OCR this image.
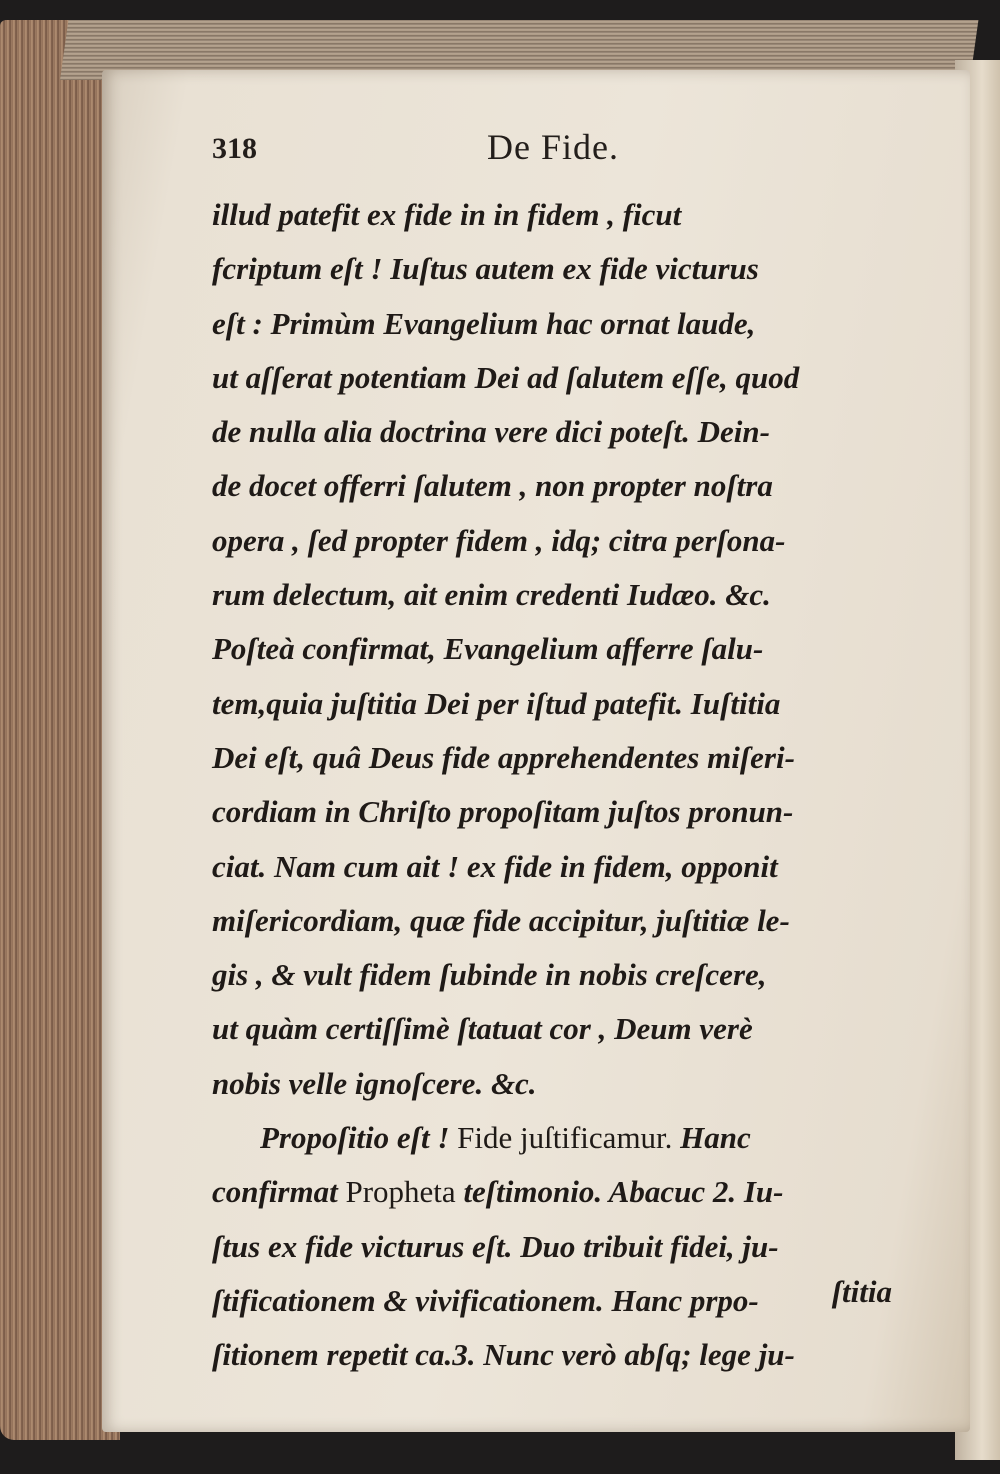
318	De Fide.
illud patefit ex fide in in fidem , ficut
fcriptum eſt ! Iuſtus autem ex fide victurus
eſt : Primùm Evangelium hac ornat laude,
ut aſſerat potentiam Dei ad ſalutem eſſe, quod
de nulla alia doctrina vere dici poteſt. Dein-
de docet offerri ſalutem , non propter noſtra
opera , ſed propter fidem , idq; citra perſona-
rum delectum, ait enim credenti Iudæo. &c.
Poſteà confirmat, Evangelium afferre ſalu-
tem,quia juſtitia Dei per iſtud patefit. Iuſtitia
Dei eſt, quâ Deus fide apprehendentes miſeri-
cordiam in Chriſto propoſitam juſtos pronun-
ciat. Nam cum ait ! ex fide in fidem, opponit
miſericordiam, quæ fide accipitur, juſtitiæ le-
gis , & vult fidem ſubinde in nobis creſcere,
ut quàm certiſſimè ſtatuat cor , Deum verè
nobis velle ignoſcere. &c.
Propoſitio eſt ! Fide juſtificamur. Hanc
confirmat Propheta teſtimonio. Abacuc 2. Iu-
ſtus ex fide victurus eſt. Duo tribuit fidei, ju-
ſtificationem & vivificationem. Hanc prpo-
ſitionem repetit ca.3. Nunc verò abſq; lege ju-
ſtitia
